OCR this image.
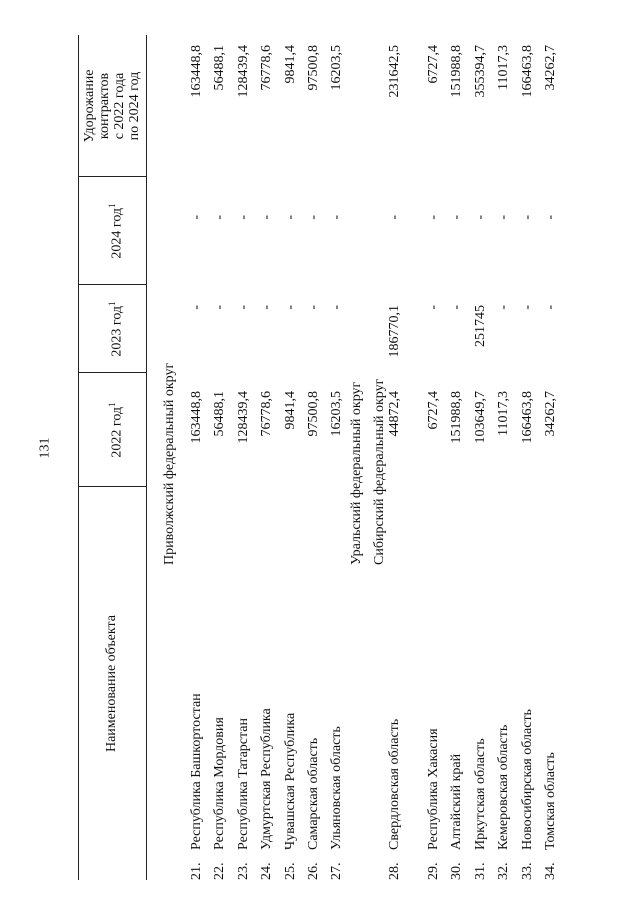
131
Наименование объекта
2022 год$^1$
2023 год$^1$
2024 год$^1$
Удорожание контрактов с 2022 года по 2024 год
Приволжский федеральный округ
21.
Республика Башкортостан
163448,8
-
-
163448,8
22.
Республика Мордовия
56488,1
-
-
56488,1
23.
Республика Татарстан
128439,4
-
-
128439,4
24.
Удмуртская Республика
76778,6
-
-
76778,6
25.
Чувашская Республика
9841,4
-
-
9841,4
26.
Самарская область
97500,8
-
-
97500,8
27.
Ульяновская область
16203,5
-
-
16203,5
Уральский федеральный округ
28.
Свердловская область
44872,4
186770,1
-
231642,5
Сибирский федеральный округ
29.
Республика Хакасия
6727,4
-
-
6727,4
30.
Алтайский край
151988,8
-
-
151988,8
31.
Иркутская область
103649,7
251745
-
355394,7
32.
Кемеровская область
11017,3
-
-
11017,3
33.
Новосибирская область
166463,8
-
-
166463,8
34.
Томская область
34262,7
-
-
34262,7
